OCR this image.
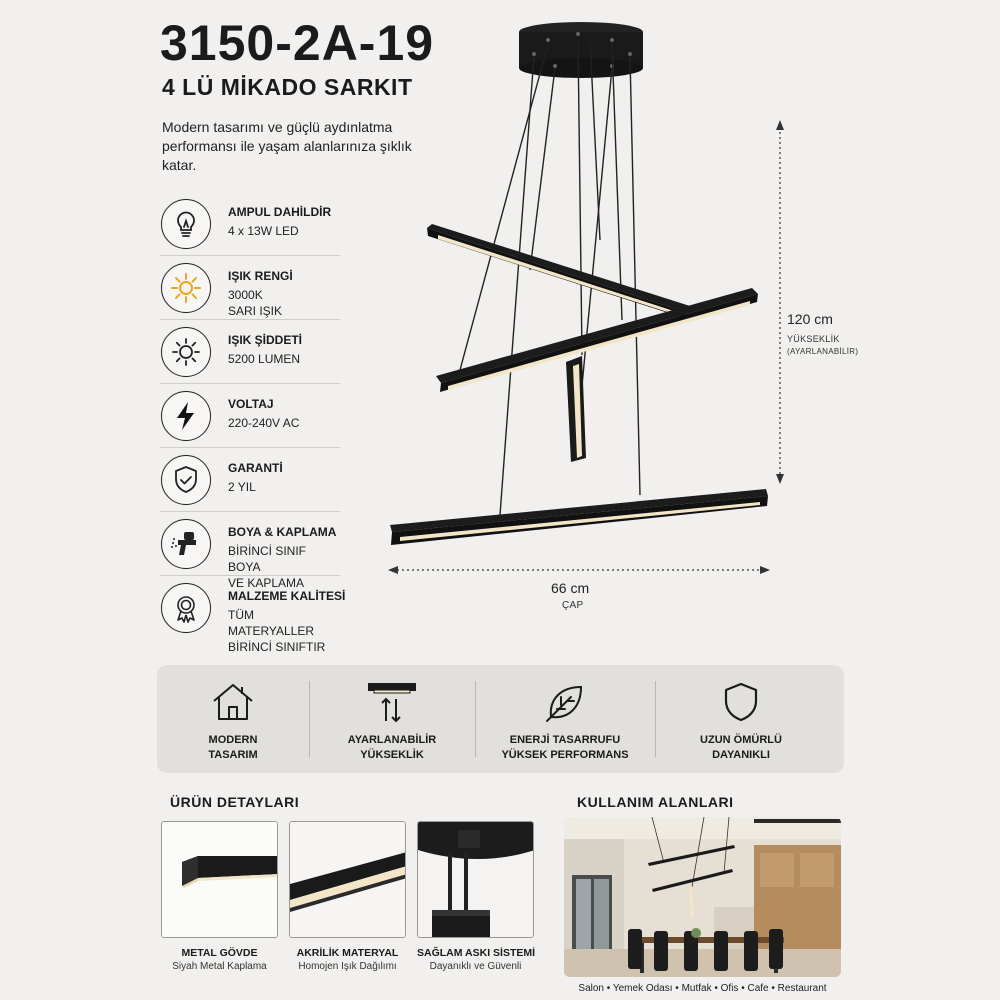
3150-2A-19
4 LÜ MİKADO SARKIT
Modern tasarımı ve güçlü aydınlatma performansı ile yaşam alanlarınıza şıklık katar.
AMPUL DAHİLDİR
4 x 13W LED
IŞIK RENGİ
3000K
SARI IŞIK
IŞIK ŞİDDETİ
5200 LUMEN
VOLTAJ
220-240V AC
GARANTİ
2 YIL
BOYA & KAPLAMA
BİRİNCİ SINIF BOYA
VE KAPLAMA
MALZEME KALİTESİ
TÜM MATERYALLER
BİRİNCİ SINIFTIR
120 cm
YÜKSEKLİK
(AYARLANABİLİR)
66 cm
ÇAP
MODERN
TASARIM
AYARLANABİLİR
YÜKSEKLİK
ENERJİ TASARRUFU
YÜKSEK PERFORMANS
UZUN ÖMÜRLÜ
DAYANIKLI
ÜRÜN DETAYLARI
METAL GÖVDE
Siyah Metal Kaplama
AKRİLİK MATERYAL
Homojen Işık Dağılımı
SAĞLAM ASKI SİSTEMİ
Dayanıklı ve Güvenli
KULLANIM ALANLARI
Salon • Yemek Odası • Mutfak • Ofis • Cafe • Restaurant
